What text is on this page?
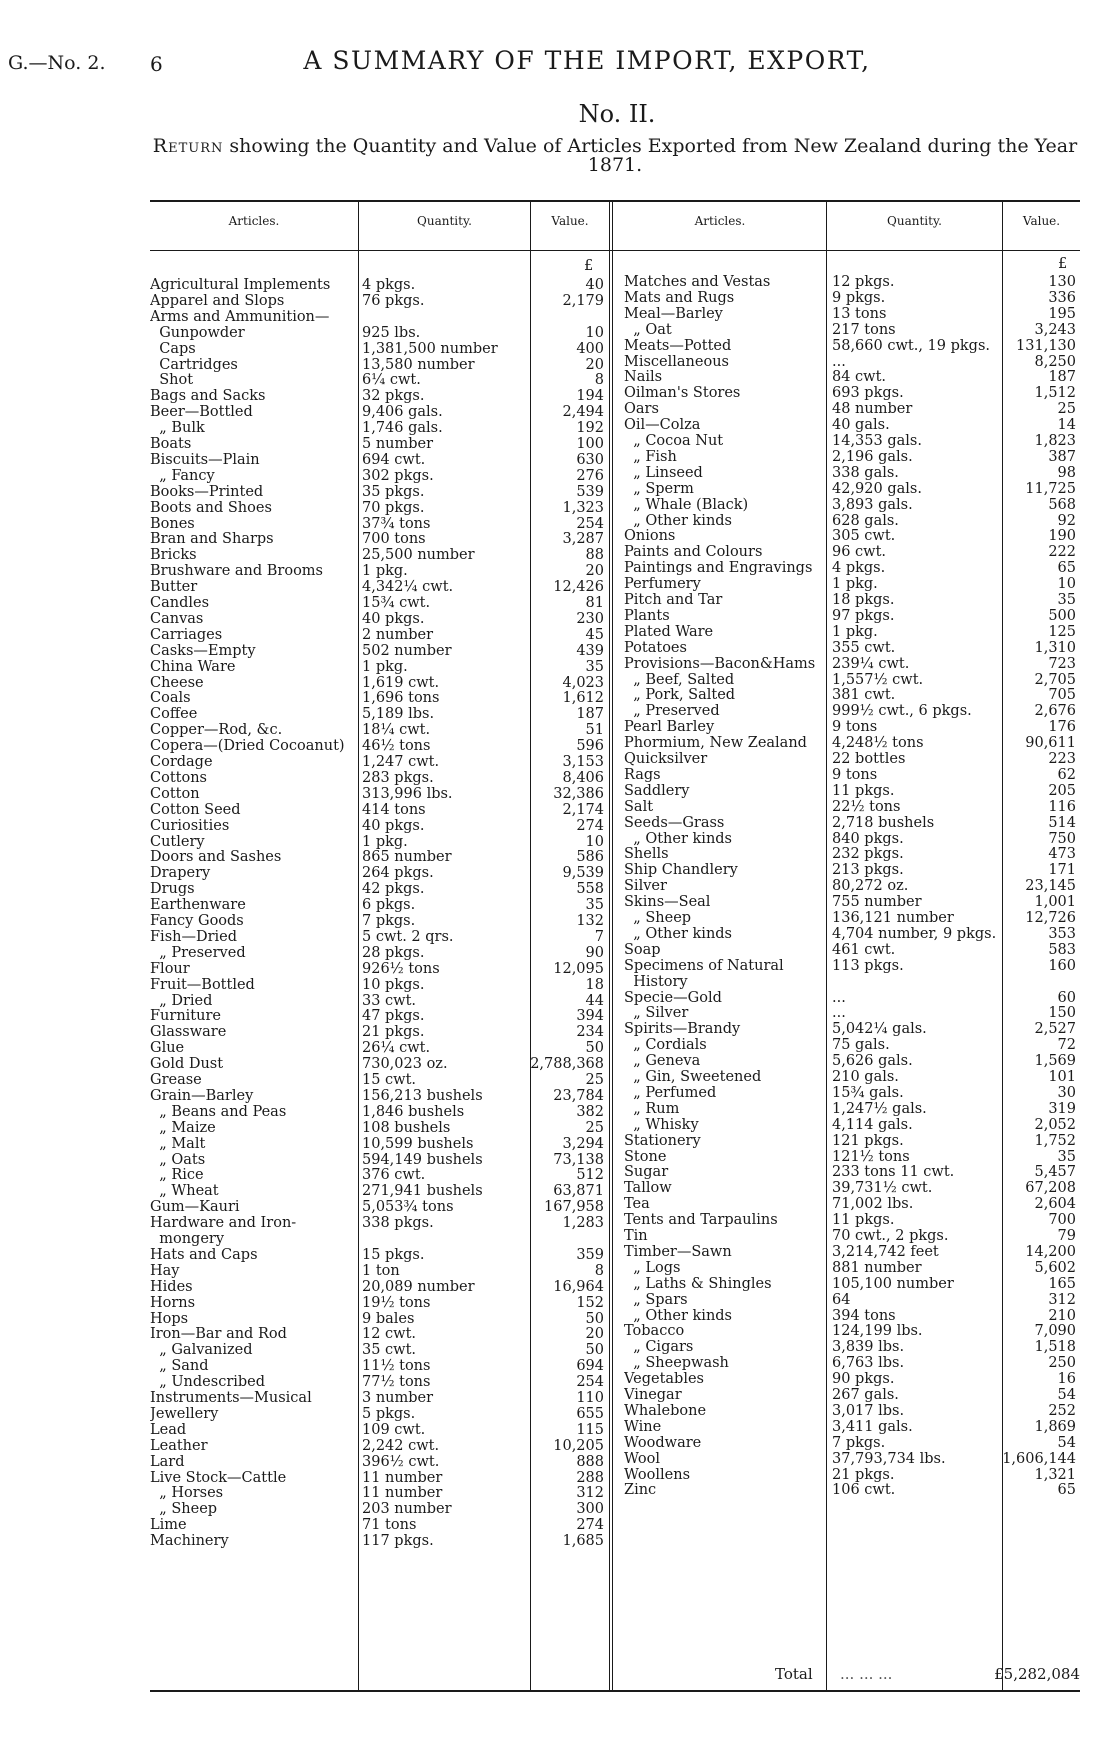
G.—No. 2. 6	A SUMMARY OF THE IMPORT, EXPORT,
No. II.
Return showing the Quantity and Value of Articles Exported from New Zealand during the Year 1871.
Articles.	Quantity.	Value.	Articles.	Quantity.	Value.
£	£
Agricultural Implements	4 pkgs.	40
Apparel and Slops	76 pkgs.	2,179
Arms and Ammunition—
Gunpowder	925 lbs.	10
Caps	1,381,500 number	400
Cartridges	13,580 number	20
Shot	6¼ cwt.	8
Bags and Sacks	32 pkgs.	194
Beer—Bottled	9,406 gals.	2,494
„ Bulk	1,746 gals.	192
Boats	5 number	100
Biscuits—Plain	694 cwt.	630
„ Fancy	302 pkgs.	276
Books—Printed	35 pkgs.	539
Boots and Shoes	70 pkgs.	1,323
Bones	37¾ tons	254
Bran and Sharps	700 tons	3,287
Bricks	25,500 number	88
Brushware and Brooms	1 pkg.	20
Butter	4,342¼ cwt.	12,426
Candles	15¾ cwt.	81
Canvas	40 pkgs.	230
Carriages	2 number	45
Casks—Empty	502 number	439
China Ware	1 pkg.	35
Cheese	1,619 cwt.	4,023
Coals	1,696 tons	1,612
Coffee	5,189 lbs.	187
Copper—Rod, &c.	18¼ cwt.	51
Copera—(Dried Cocoanut)	46½ tons	596
Cordage	1,247 cwt.	3,153
Cottons	283 pkgs.	8,406
Cotton	313,996 lbs.	32,386
Cotton Seed	414 tons	2,174
Curiosities	40 pkgs.	274
Cutlery	1 pkg.	10
Doors and Sashes	865 number	586
Drapery	264 pkgs.	9,539
Drugs	42 pkgs.	558
Earthenware	6 pkgs.	35
Fancy Goods	7 pkgs.	132
Fish—Dried	5 cwt. 2 qrs.	7
„ Preserved	28 pkgs.	90
Flour	926½ tons	12,095
Fruit—Bottled	10 pkgs.	18
„ Dried	33 cwt.	44
Furniture	47 pkgs.	394
Glassware	21 pkgs.	234
Glue	26¼ cwt.	50
Gold Dust	730,023 oz.	2,788,368
Grease	15 cwt.	25
Grain—Barley	156,213 bushels	23,784
„ Beans and Peas	1,846 bushels	382
„ Maize	108 bushels	25
„ Malt	10,599 bushels	3,294
„ Oats	594,149 bushels	73,138
„ Rice	376 cwt.	512
„ Wheat	271,941 bushels	63,871
Gum—Kauri	5,053¾ tons	167,958
Hardware and Iron-	338 pkgs.	1,283
mongery
Hats and Caps	15 pkgs.	359
Hay	1 ton	8
Hides	20,089 number	16,964
Horns	19½ tons	152
Hops	9 bales	50
Iron—Bar and Rod	12 cwt.	20
„ Galvanized	35 cwt.	50
„ Sand	11½ tons	694
„ Undescribed	77½ tons	254
Instruments—Musical	3 number	110
Jewellery	5 pkgs.	655
Lead	109 cwt.	115
Leather	2,242 cwt.	10,205
Lard	396½ cwt.	888
Live Stock—Cattle	11 number	288
„ Horses	11 number	312
„ Sheep	203 number	300
Lime	71 tons	274
Machinery	117 pkgs.	1,685
Matches and Vestas	12 pkgs.	130
Mats and Rugs	9 pkgs.	336
Meal—Barley	13 tons	195
„ Oat	217 tons	3,243
Meats—Potted	58,660 cwt., 19 pkgs.	131,130
Miscellaneous	...	8,250
Nails	84 cwt.	187
Oilman's Stores	693 pkgs.	1,512
Oars	48 number	25
Oil—Colza	40 gals.	14
„ Cocoa Nut	14,353 gals.	1,823
„ Fish	2,196 gals.	387
„ Linseed	338 gals.	98
„ Sperm	42,920 gals.	11,725
„ Whale (Black)	3,893 gals.	568
„ Other kinds	628 gals.	92
Onions	305 cwt.	190
Paints and Colours	96 cwt.	222
Paintings and Engravings	4 pkgs.	65
Perfumery	1 pkg.	10
Pitch and Tar	18 pkgs.	35
Plants	97 pkgs.	500
Plated Ware	1 pkg.	125
Potatoes	355 cwt.	1,310
Provisions—Bacon&Hams	239¼ cwt.	723
„ Beef, Salted	1,557½ cwt.	2,705
„ Pork, Salted	381 cwt.	705
„ Preserved	999½ cwt., 6 pkgs.	2,676
Pearl Barley	9 tons	176
Phormium, New Zealand	4,248½ tons	90,611
Quicksilver	22 bottles	223
Rags	9 tons	62
Saddlery	11 pkgs.	205
Salt	22½ tons	116
Seeds—Grass	2,718 bushels	514
„ Other kinds	840 pkgs.	750
Shells	232 pkgs.	473
Ship Chandlery	213 pkgs.	171
Silver	80,272 oz.	23,145
Skins—Seal	755 number	1,001
„ Sheep	136,121 number	12,726
„ Other kinds	4,704 number, 9 pkgs.	353
Soap	461 cwt.	583
Specimens of Natural	113 pkgs.	160
History
Specie—Gold	...	60
„ Silver	...	150
Spirits—Brandy	5,042¼ gals.	2,527
„ Cordials	75 gals.	72
„ Geneva	5,626 gals.	1,569
„ Gin, Sweetened	210 gals.	101
„ Perfumed	15¾ gals.	30
„ Rum	1,247½ gals.	319
„ Whisky	4,114 gals.	2,052
Stationery	121 pkgs.	1,752
Stone	121½ tons	35
Sugar	233 tons 11 cwt.	5,457
Tallow	39,731½ cwt.	67,208
Tea	71,002 lbs.	2,604
Tents and Tarpaulins	11 pkgs.	700
Tin	70 cwt., 2 pkgs.	79
Timber—Sawn	3,214,742 feet	14,200
„ Logs	881 number	5,602
„ Laths & Shingles	105,100 number	165
„ Spars	64	312
„ Other kinds	394 tons	210
Tobacco	124,199 lbs.	7,090
„ Cigars	3,839 lbs.	1,518
„ Sheepwash	6,763 lbs.	250
Vegetables	90 pkgs.	16
Vinegar	267 gals.	54
Whalebone	3,017 lbs.	252
Wine	3,411 gals.	1,869
Woodware	7 pkgs.	54
Wool	37,793,734 lbs.	1,606,144
Woollens	21 pkgs.	1,321
Zinc	106 cwt.	65
Total ... ... ...	£5,282,084
